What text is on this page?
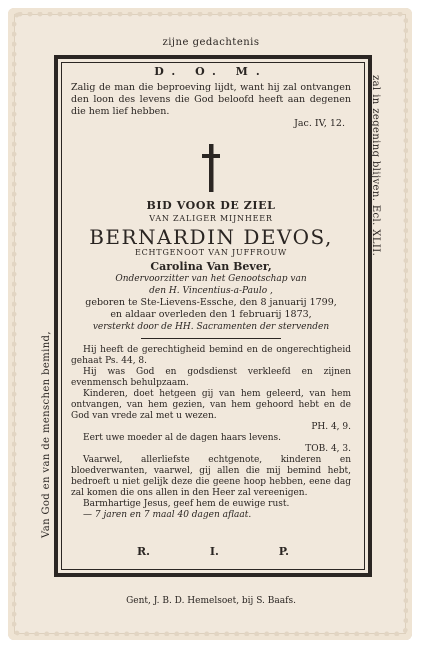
zijne gedachtenis
Van God en van de menschen bemind,
zal in zegening blijven. Ecl. XLII.
D. O. M.
Zalig de man die beproeving lijdt, want hij zal ontvangen den loon des levens die God beloofd heeft aan degenen die hem lief hebben.
Jac. IV, 12.
BID VOOR DE ZIEL
VAN ZALIGER MIJNHEER
BERNARDIN DEVOS,
ECHTGENOOT VAN JUFFROUW
Carolina Van Bever,
Ondervoorzitter van het Genootschap van
den H. Vincentius-a-Paulo ,
geboren te Ste-Lievens-Essche, den 8 januarij 1799,
en aldaar overleden den 1 februarij 1873,
versterkt door de HH. Sacramenten der stervenden
Hij heeft de gerechtigheid bemind en de ongerechtigheid gehaat Ps. 44, 8.
Hij was God en godsdienst verkleefd en zijnen evenmensch behulpzaam.
Kinderen, doet hetgeen gij van hem geleerd, van hem ontvangen, van hem gezien, van hem gehoord hebt en de God van vrede zal met u wezen.
PH. 4, 9.
Eert uwe moeder al de dagen haars levens.
TOB. 4, 3.
Vaarwel, allerliefste echtgenote, kinderen en bloedverwanten, vaarwel, gij allen die mij bemind hebt, bedroeft u niet gelijk deze die geene hoop hebben, eene dag zal komen die ons allen in den Heer zal vereenigen.
Barmhartige Jesus, geef hem de euwige rust.
— 7 jaren en 7 maal 40 dagen aflaat.
R.	I.	P.
Gent, J. B. D. Hemelsoet, bij S. Baafs.
